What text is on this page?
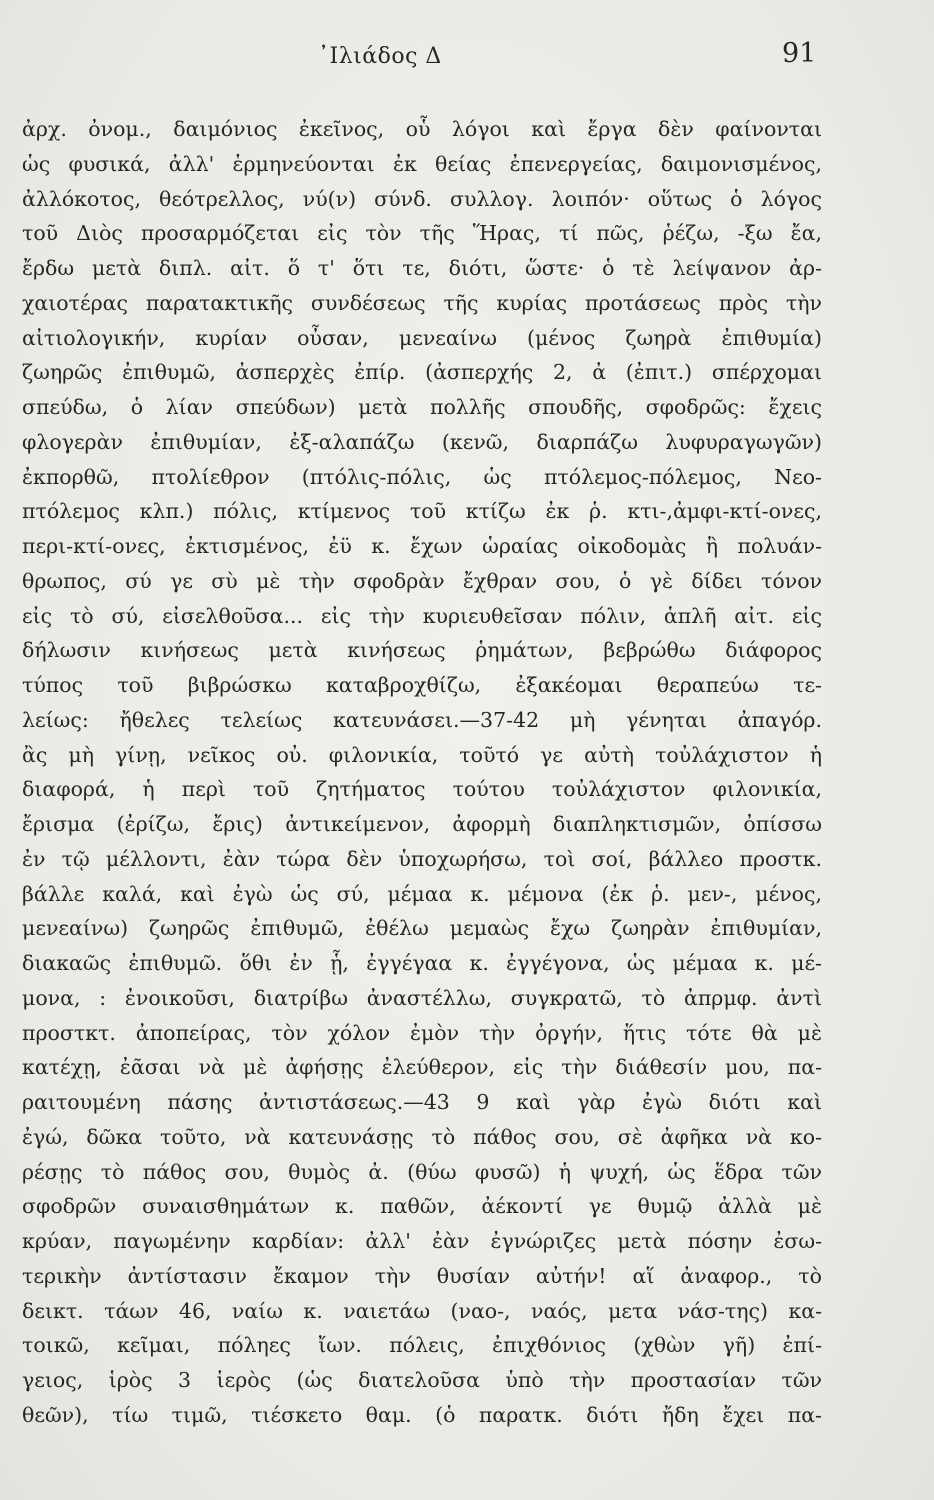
᾿Ιλιάδος Δ	91
ἀρχ. ὀνομ., δαιμόνιος ἐκεῖνος, οὗ λόγοι καὶ ἔργα δὲν φαίνονται
ὡς φυσικά, ἀλλ' ἑρμηνεύονται ἐκ θείας ἐπενεργείας, δαιμονισμένος,
ἀλλόκοτος, θεότρελλος, νύ(ν) σύνδ. συλλογ. λοιπόν· οὕτως ὁ λόγος
τοῦ Διὸς προσαρμόζεται εἰς τὸν τῆς Ἥρας, τί πῶς, ῥέζω, -ξω ἔα,
ἔρδω μετὰ διπλ. αἰτ. ὅ τ' ὅτι τε, διότι, ὥστε· ὁ τὲ λείψανον ἀρ-
χαιοτέρας παρατακτικῆς συνδέσεως τῆς κυρίας προτάσεως πρὸς τὴν
αἰτιολογικήν, κυρίαν οὖσαν, μενεαίνω (μένος ζωηρὰ ἐπιθυμία)
ζωηρῶς ἐπιθυμῶ, ἀσπερχὲς ἐπίρ. (ἀσπερχής 2, ἀ (ἐπιτ.) σπέρχομαι
σπεύδω, ὁ λίαν σπεύδων) μετὰ πολλῆς σπουδῆς, σφοδρῶς: ἔχεις
φλογερὰν ἐπιθυμίαν, ἐξ-αλαπάζω (κενῶ, διαρπάζω λυφυραγωγῶν)
ἐκπορθῶ, πτολίεθρον (πτόλις-πόλις, ὡς πτόλεμος-πόλεμος, Νεο-
πτόλεμος κλπ.) πόλις, κτίμενος τοῦ κτίζω ἐκ ῥ. κτι-,ἀμφι-κτί-ονες,
περι-κτί-ονες, ἐκτισμένος, ἐϋ κ. ἔχων ὡραίας οἰκοδομὰς ἢ πολυάν-
θρωπος, σύ γε σὺ μὲ τὴν σφοδρὰν ἔχθραν σου, ὁ γὲ δίδει τόνον
εἰς τὸ σύ, εἰσελθοῦσα... εἰς τὴν κυριευθεῖσαν πόλιν, ἁπλῆ αἰτ. εἰς
δήλωσιν κινήσεως μετὰ κινήσεως ῥημάτων, βεβρώθω διάφορος
τύπος τοῦ βιβρώσκω καταβροχθίζω, ἐξακέομαι θεραπεύω τε-
λείως: ἤθελες τελείως κατευνάσει.—37-42 μὴ γένηται ἀπαγόρ.
ἂς μὴ γίνῃ, νεῖκος οὐ. φιλονικία, τοῦτό γε αὐτὴ τοὐλάχιστον ἡ
διαφορά, ἡ περὶ τοῦ ζητήματος τούτου τοὐλάχιστον φιλονικία,
ἔρισμα (ἐρίζω, ἔρις) ἀντικείμενον, ἀφορμὴ διαπληκτισμῶν, ὀπίσσω
ἐν τῷ μέλλοντι, ἐὰν τώρα δὲν ὑποχωρήσω, τοὶ σοί, βάλλεο προστκ.
βάλλε καλά, καὶ ἐγὼ ὡς σύ, μέμαα κ. μέμονα (ἐκ ῥ. μεν-, μένος,
μενεαίνω) ζωηρῶς ἐπιθυμῶ, ἐθέλω μεμαὼς ἔχω ζωηρὰν ἐπιθυμίαν,
διακαῶς ἐπιθυμῶ. ὅθι ἐν ᾗ, ἐγγέγαα κ. ἐγγέγονα, ὡς μέμαα κ. μέ-
μονα, : ἐνοικοῦσι, διατρίβω ἀναστέλλω, συγκρατῶ, τὸ ἀπρμφ. ἀντὶ
προστκτ. ἀποπείρας, τὸν χόλον ἐμὸν τὴν ὀργήν, ἥτις τότε θὰ μὲ
κατέχῃ, ἐᾶσαι νὰ μὲ ἀφήσῃς ἐλεύθερον, εἰς τὴν διάθεσίν μου, πα-
ραιτουμένη πάσης ἀντιστάσεως.—43 9 καὶ γὰρ ἐγὼ διότι καὶ
ἐγώ, δῶκα τοῦτο, νὰ κατευνάσῃς τὸ πάθος σου, σὲ ἀφῆκα νὰ κο-
ρέσῃς τὸ πάθος σου, θυμὸς ἀ. (θύω φυσῶ) ἡ ψυχή, ὡς ἕδρα τῶν
σφοδρῶν συναισθημάτων κ. παθῶν, ἀέκοντί γε θυμῷ ἀλλὰ μὲ
κρύαν, παγωμένην καρδίαν: ἀλλ' ἐὰν ἐγνώριζες μετὰ πόσην ἐσω-
τερικὴν ἀντίστασιν ἔκαμον τὴν θυσίαν αὐτήν! αἵ ἀναφορ., τὸ
δεικτ. τάων 46, ναίω κ. ναιετάω (ναο-, ναός, μετα νάσ-της) κα-
τοικῶ, κεῖμαι, πόληες ἴων. πόλεις, ἐπιχθόνιος (χθὼν γῆ) ἐπί-
γειος, ἱρὸς 3 ἱερὸς (ὡς διατελοῦσα ὑπὸ τὴν προστασίαν τῶν
θεῶν), τίω τιμῶ, τιέσκετο θαμ. (ὁ παρατκ. διότι ἤδη ἔχει πα-
